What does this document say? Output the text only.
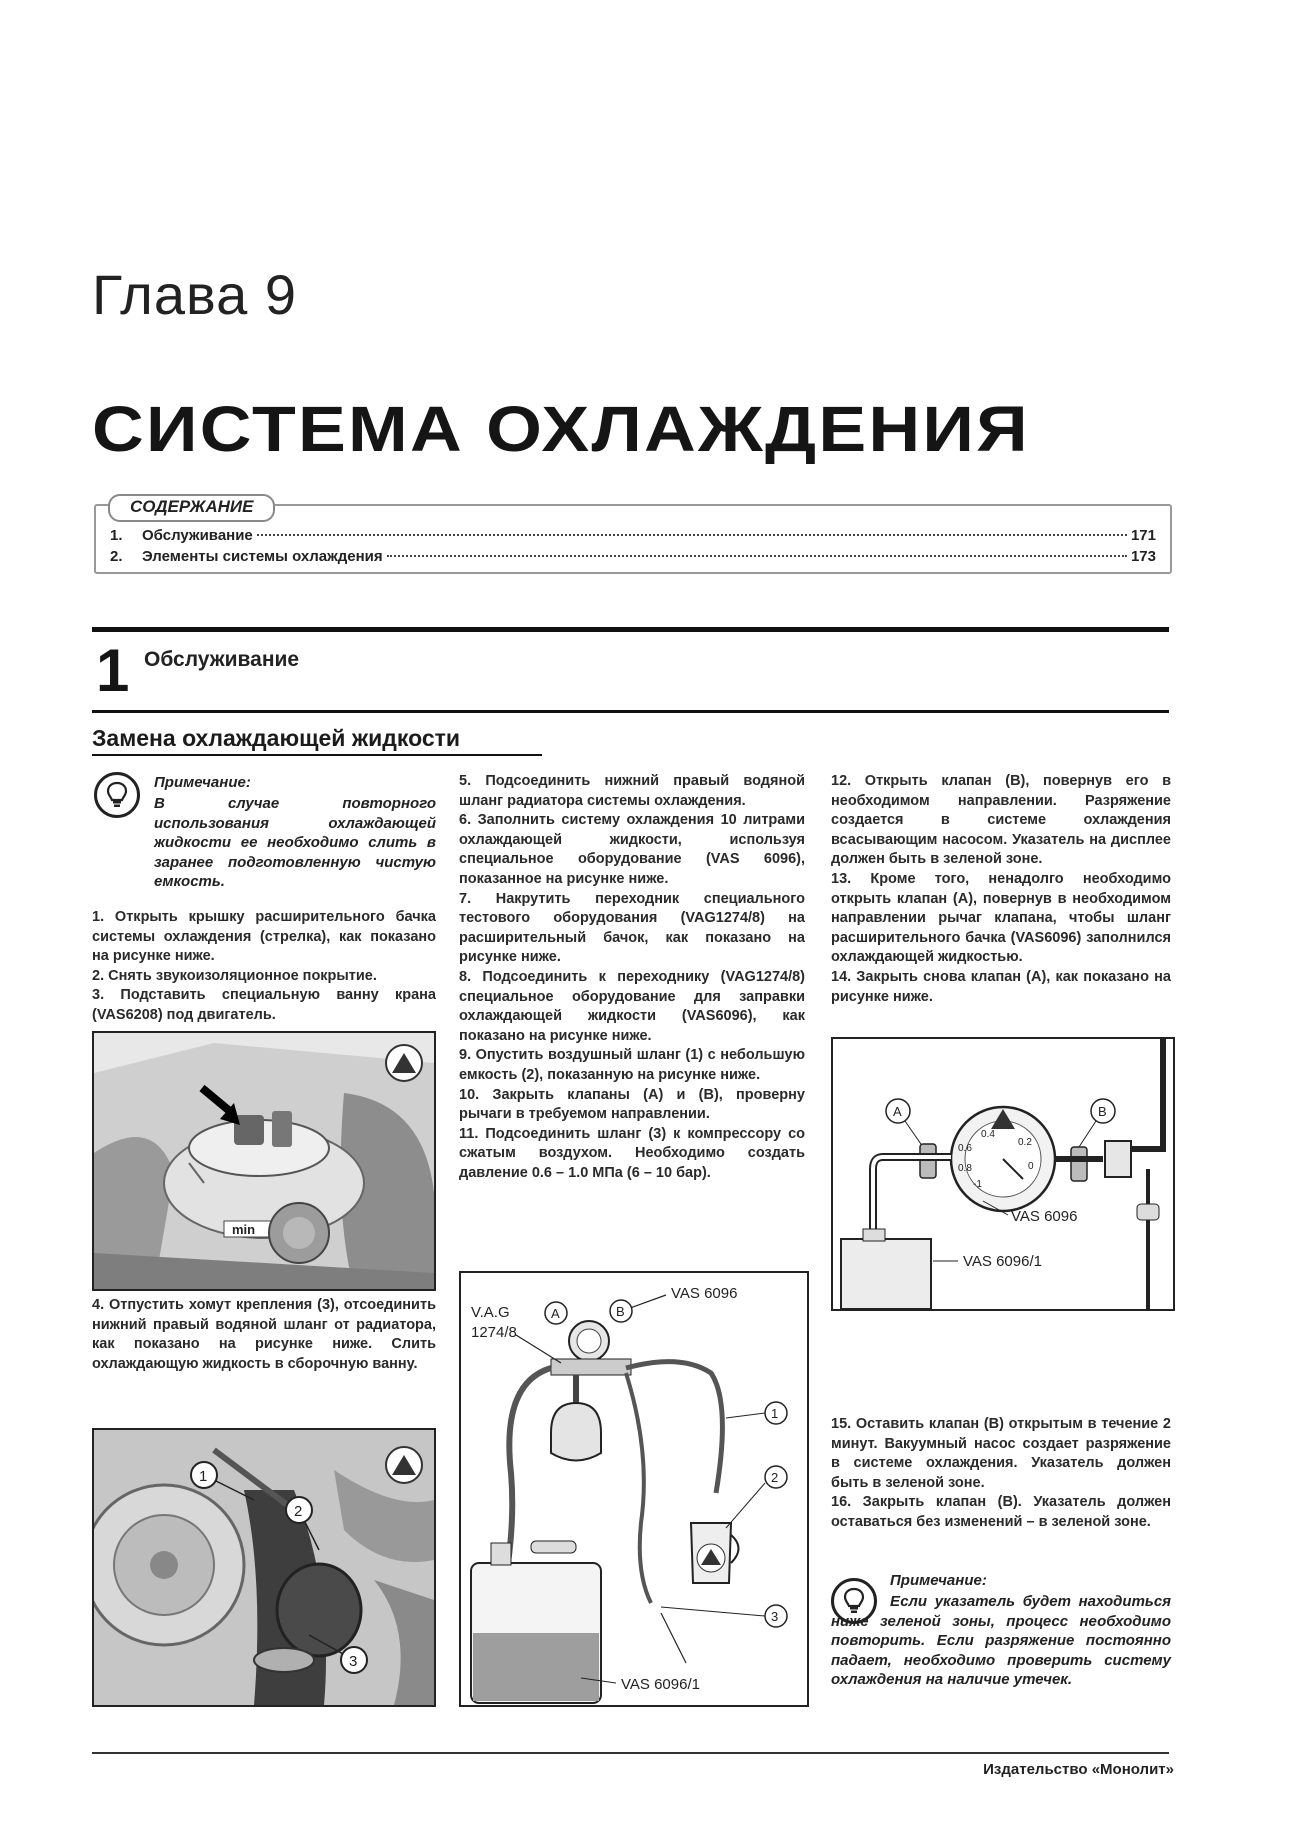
Глава 9
СИСТЕМА ОХЛАЖДЕНИЯ
СОДЕРЖАНИЕ
1.	Обслуживание	171
2.	Элементы системы охлаждения	173
1 Обслуживание
Замена охлаждающей жидкости
Примечание:
В случае повторного использования охлаждающей жидкости ее необходимо слить в заранее подготовленную чистую емкость.

1. Открыть крышку расширительного бачка системы охлаждения (стрелка), как показано на рисунке ниже.

2. Снять звукоизоляционное покрытие.

3. Подставить специальную ванну крана (VAS6208) под двигатель.

min

4. Отпустить хомут крепления (3), отсоединить нижний правый водяной шланг от радиатора, как показано на рисунке ниже. Слить охлаждающую жидкость в сборочную ванну.

1
2
3

5. Подсоединить нижний правый водяной шланг радиатора системы охлаждения.

6. Заполнить систему охлаждения 10 литрами охлаждающей жидкости, используя специальное оборудование (VAS 6096), показанное на рисунке ниже.

7. Накрутить переходник специального тестового оборудования (VAG1274/8) на расширительный бачок, как показано на рисунке ниже.

8. Подсоединить к переходнику (VAG1274/8) специальное оборудование для заправки охлаждающей жидкости (VAS6096), как показано на рисунке ниже.

9. Опустить воздушный шланг (1) с небольшую емкость (2), показанную на рисунке ниже.

10. Закрыть клапаны (A) и (B), проверну рычаги в требуемом направлении.

11. Подсоединить шланг (3) к компрессору со сжатым воздухом. Необходимо создать давление 0.6 – 1.0 МПа (6 – 10 бар).

V.A.G
1274/8
VAS 6096
A	B
1
2
3
VAS 6096/1

12. Открыть клапан (B), повернув его в необходимом направлении. Разряжение создается в системе охлаждения всасывающим насосом. Указатель на дисплее должен быть в зеленой зоне.

13. Кроме того, ненадолго необходимо открыть клапан (A), повернув в необходимом направлении рычаг клапана, чтобы шланг расширительного бачка (VAS6096) заполнился охлаждающей жидкостью.

14. Закрыть снова клапан (A), как показано на рисунке ниже.

A	B
0.4
0.6
0.2
0.8	0
-1
VAS 6096
VAS 6096/1

15. Оставить клапан (B) открытым в течение 2 минут. Вакуумный насос создает разряжение в системе охлаждения. Указатель должен быть в зеленой зоне.

16. Закрыть клапан (B). Указатель должен оставаться без изменений – в зеленой зоне.

Примечание:
Если указатель будет находиться ниже зеленой зоны, процесс необходимо повторить. Если разряжение постоянно падает, необходимо проверить систему охлаждения на наличие утечек.
Издательство «Монолит»
